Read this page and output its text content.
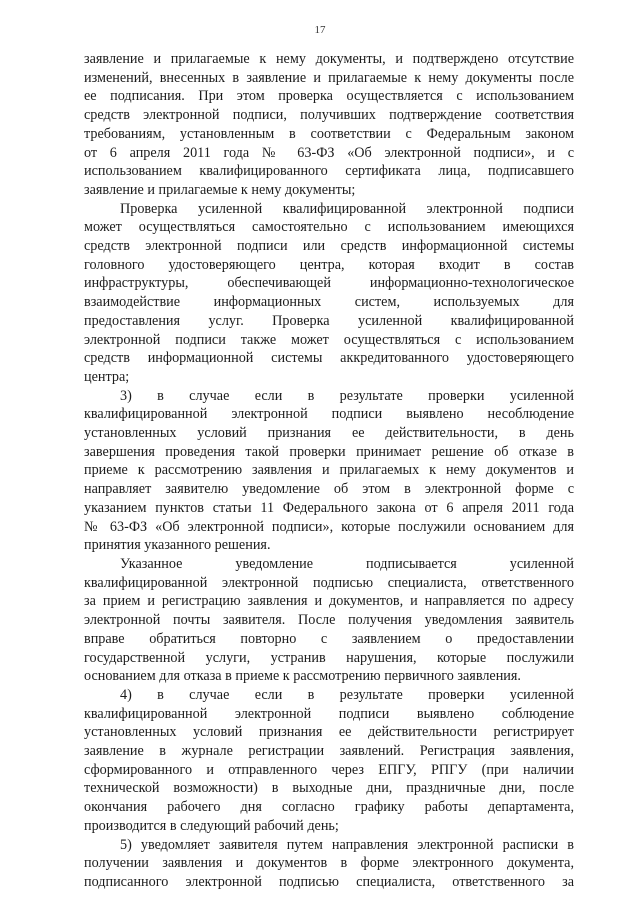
17

заявление и прилагаемые к нему документы, и подтверждено отсутствие
изменений, внесенных в заявление и прилагаемые к нему документы после
ее подписания. При этом проверка осуществляется с использованием
средств электронной подписи, получивших подтверждение соответствия
требованиям, установленным в соответствии с Федеральным законом
от 6 апреля 2011 года № 63-ФЗ «Об электронной подписи», и с
использованием квалифицированного сертификата лица, подписавшего
заявление и прилагаемые к нему документы;

Проверка усиленной квалифицированной электронной подписи
может осуществляться самостоятельно с использованием имеющихся
средств электронной подписи или средств информационной системы
головного удостоверяющего центра, которая входит в состав
инфраструктуры, обеспечивающей информационно-технологическое
взаимодействие информационных систем, используемых для
предоставления услуг. Проверка усиленной квалифицированной
электронной подписи также может осуществляться с использованием
средств информационной системы аккредитованного удостоверяющего
центра;

3) в случае если в результате проверки усиленной
квалифицированной электронной подписи выявлено несоблюдение
установленных условий признания ее действительности, в день
завершения проведения такой проверки принимает решение об отказе в
приеме к рассмотрению заявления и прилагаемых к нему документов и
направляет заявителю уведомление об этом в электронной форме с
указанием пунктов статьи 11 Федерального закона от 6 апреля 2011 года
№ 63-ФЗ «Об электронной подписи», которые послужили основанием для
принятия указанного решения.

Указанное уведомление подписывается усиленной
квалифицированной электронной подписью специалиста, ответственного
за прием и регистрацию заявления и документов, и направляется по адресу
электронной почты заявителя. После получения уведомления заявитель
вправе обратиться повторно с заявлением о предоставлении
государственной услуги, устранив нарушения, которые послужили
основанием для отказа в приеме к рассмотрению первичного заявления.

4) в случае если в результате проверки усиленной
квалифицированной электронной подписи выявлено соблюдение
установленных условий признания ее действительности регистрирует
заявление в журнале регистрации заявлений. Регистрация заявления,
сформированного и отправленного через ЕПГУ, РПГУ (при наличии
технической возможности) в выходные дни, праздничные дни, после
окончания рабочего дня согласно графику работы департамента,
производится в следующий рабочий день;

5) уведомляет заявителя путем направления электронной расписки в
получении заявления и документов в форме электронного документа,
подписанного электронной подписью специалиста, ответственного за
